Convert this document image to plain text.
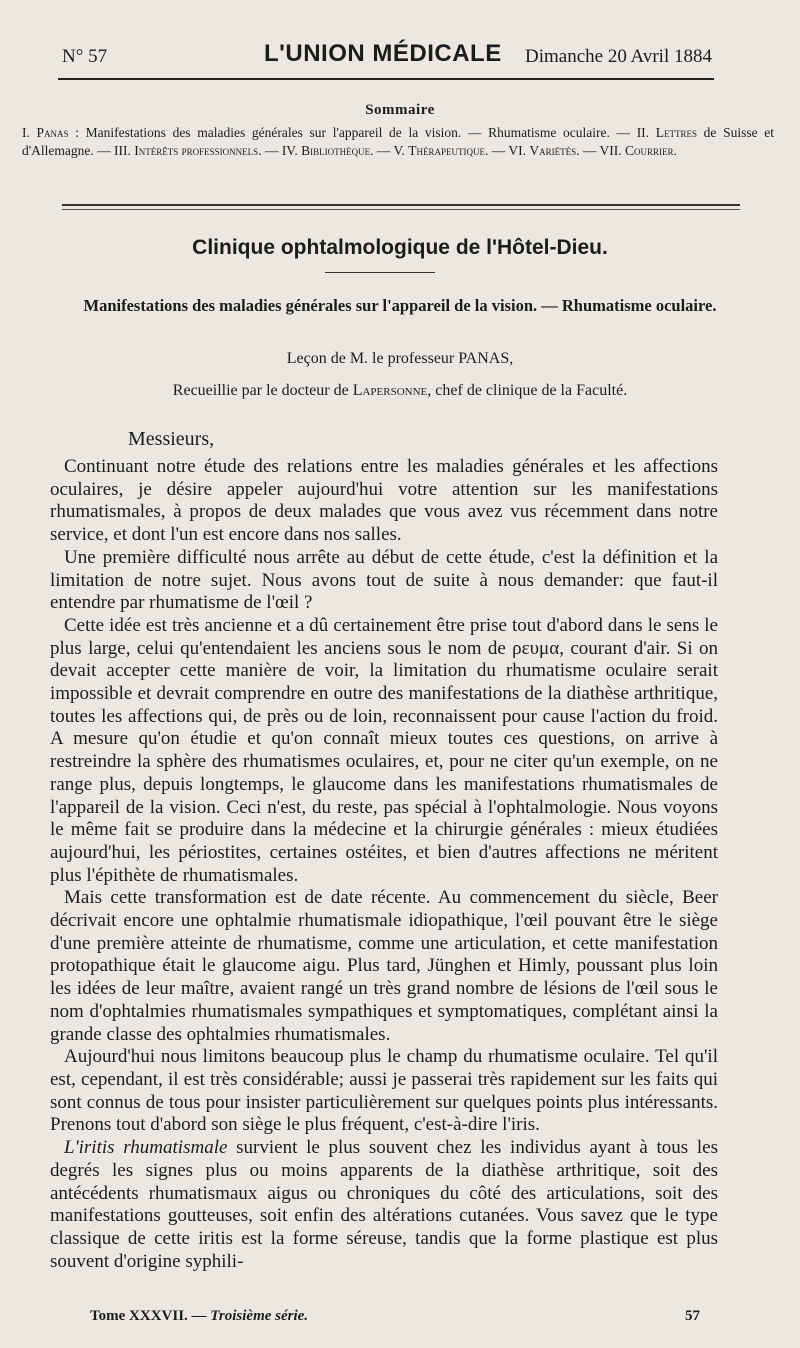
N° 57	L'UNION MÉDICALE Dimanche 20 Avril 1884
Sommaire
I. Panas : Manifestations des maladies générales sur l'appareil de la vision. — Rhumatisme oculaire. — II. Lettres de Suisse et d'Allemagne. — III. Intérêts professionnels. — IV. Bibliothèque. — V. Thérapeutique. — VI. Variétés. — VII. Courrier.
Clinique ophtalmologique de l'Hôtel-Dieu.
Manifestations des maladies générales sur l'appareil de la vision. — Rhumatisme oculaire.
Leçon de M. le professeur PANAS,
Recueillie par le docteur de Lapersonne, chef de clinique de la Faculté.
Messieurs,

Continuant notre étude des relations entre les maladies générales et les affections oculaires, je désire appeler aujourd'hui votre attention sur les manifestations rhumatismales, à propos de deux malades que vous avez vus récemment dans notre service, et dont l'un est encore dans nos salles.

Une première difficulté nous arrête au début de cette étude, c'est la définition et la limitation de notre sujet. Nous avons tout de suite à nous demander: que faut-il entendre par rhumatisme de l'œil ?

Cette idée est très ancienne et a dû certainement être prise tout d'abord dans le sens le plus large, celui qu'entendaient les anciens sous le nom de ρευμα, courant d'air. Si on devait accepter cette manière de voir, la limitation du rhumatisme oculaire serait impossible et devrait comprendre en outre des manifestations de la diathèse arthritique, toutes les affections qui, de près ou de loin, reconnaissent pour cause l'action du froid. A mesure qu'on étudie et qu'on connaît mieux toutes ces questions, on arrive à restreindre la sphère des rhumatismes oculaires, et, pour ne citer qu'un exemple, on ne range plus, depuis longtemps, le glaucome dans les manifestations rhumatismales de l'appareil de la vision. Ceci n'est, du reste, pas spécial à l'ophtalmologie. Nous voyons le même fait se produire dans la médecine et la chirurgie générales : mieux étudiées aujourd'hui, les périostites, certaines ostéites, et bien d'autres affections ne méritent plus l'épithète de rhumatismales.

Mais cette transformation est de date récente. Au commencement du siècle, Beer décrivait encore une ophtalmie rhumatismale idiopathique, l'œil pouvant être le siège d'une première atteinte de rhumatisme, comme une articulation, et cette manifestation protopathique était le glaucome aigu. Plus tard, Jünghen et Himly, poussant plus loin les idées de leur maître, avaient rangé un très grand nombre de lésions de l'œil sous le nom d'ophtalmies rhumatismales sympathiques et symptomatiques, complétant ainsi la grande classe des ophtalmies rhumatismales.

Aujourd'hui nous limitons beaucoup plus le champ du rhumatisme oculaire. Tel qu'il est, cependant, il est très considérable; aussi je passerai très rapidement sur les faits qui sont connus de tous pour insister particulièrement sur quelques points plus intéressants. Prenons tout d'abord son siège le plus fréquent, c'est-à-dire l'iris.

L'iritis rhumatismale survient le plus souvent chez les individus ayant à tous les degrés les signes plus ou moins apparents de la diathèse arthritique, soit des antécédents rhumatismaux aigus ou chroniques du côté des articulations, soit des manifestations goutteuses, soit enfin des altérations cutanées. Vous savez que le type classique de cette iritis est la forme séreuse, tandis que la forme plastique est plus souvent d'origine syphili-

Tome XXXVII. — Troisième série.	57
